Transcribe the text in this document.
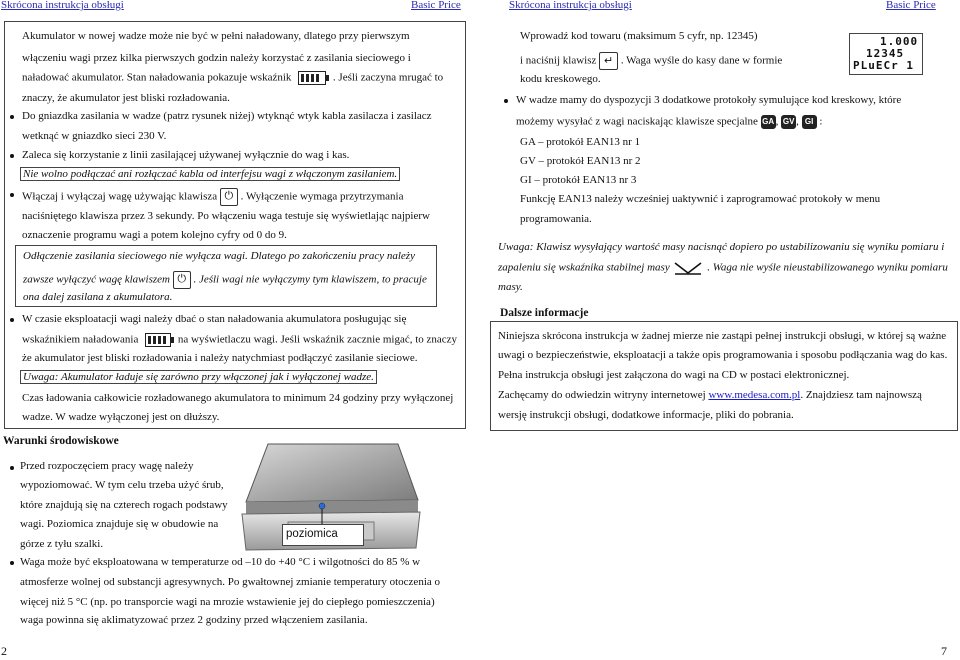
Skrócona instrukcja obsługi	Basic Price	Skrócona instrukcja obsługi	Basic Price
Akumulator w nowej wadze może nie być w pełni naładowany, dlatego przy pierwszym
włączeniu wagi przez kilka pierwszych godzin należy korzystać z zasilania sieciowego i
naładować akumulator. Stan naładowania pokazuje wskaźnik	. Jeśli zaczyna mrugać to
znaczy, że akumulator jest bliski rozładowania.
Do gniazdka zasilania w wadze (patrz rysunek niżej) wtyknąć wtyk kabla zasilacza i zasilacz
wetknąć w gniazdko sieci 230 V.
Zaleca się korzystanie z linii zasilającej używanej wyłącznie do wag i kas.
Nie wolno podłączać ani rozłączać kabla od interfejsu wagi z włączonym zasilaniem.
Włączaj i wyłączaj wagę używając klawisza ⏻ . Wyłączenie wymaga przytrzymania
naciśniętego klawisza przez 3 sekundy. Po włączeniu waga testuje się wyświetlając najpierw
oznaczenie programu wagi a potem kolejno cyfry od 0 do 9.
Odłączenie zasilania sieciowego nie wyłącza wagi. Dlatego po zakończeniu pracy należy
zawsze wyłączyć wagę klawiszem ⏻ . Jeśli wagi nie wyłączymy tym klawiszem, to pracuje
ona dalej zasilana z akumulatora.
W czasie eksploatacji wagi należy dbać o stan naładowania akumulatora posługując się
wskaźnikiem naładowania	na wyświetlaczu wagi. Jeśli wskaźnik zacznie migać, to znaczy
że akumulator jest bliski rozładowania i należy natychmiast podłączyć zasilanie sieciowe.
Uwaga: Akumulator ładuje się zarówno przy włączonej jak i wyłączonej wadze.
Czas ładowania całkowicie rozładowanego akumulatora to minimum 24 godziny przy wyłączonej
wadze. W wadze wyłączonej jest on dłuższy.
Warunki środowiskowe
Przed rozpoczęciem pracy wagę należy
wypoziomować. W tym celu trzeba użyć śrub,
które znajdują się na czterech rogach podstawy
wagi. Poziomica znajduje się w obudowie na
górze z tyłu szalki.
poziomica
Waga może być eksploatowana w temperaturze od –10 do +40 °C i wilgotności do 85 % w
atmosferze wolnej od substancji agresywnych. Po gwałtownej zmianie temperatury otoczenia o
więcej niż 5 °C (np. po transporcie wagi na mrozie wstawienie jej do ciepłego pomieszczenia)
waga powinna się aklimatyzować przez 2 godziny przed włączeniem zasilania.
Wprowadź kod towaru (maksimum 5 cyfr, np. 12345)
i naciśnij klawisz ↵ . Waga wyśle do kasy dane w formie
kodu kreskowego.
1.000
12345
PLuECr 1
W wadze mamy do dyspozycji 3 dodatkowe protokoły symulujące kod kreskowy, które
możemy wysyłać z wagi naciskając klawisze specjalne GA , GV , GI :
GA – protokół EAN13 nr 1
GV – protokół EAN13 nr 2
GI – protokół EAN13 nr 3
Funkcję EAN13 należy wcześniej uaktywnić i zaprogramować protokoły w menu
programowania.
Uwaga: Klawisz wysyłający wartość masy nacisnąć dopiero po ustabilizowaniu się wyniku pomiaru i
zapaleniu się wskaźnika stabilnej masy	. Waga nie wyśle nieustabilizowanego wyniku pomiaru
masy.
Dalsze informacje
Niniejsza skrócona instrukcja w żadnej mierze nie zastąpi pełnej instrukcji obsługi, w której są ważne
uwagi o bezpieczeństwie, eksploatacji a także opis programowania i sposobu podłączania wag do kas.
Pełna instrukcja obsługi jest załączona do wagi na CD w postaci elektronicznej.
Zachęcamy do odwiedzin witryny internetowej www.medesa.com.pl. Znajdziesz tam najnowszą
wersję instrukcji obsługi, dodatkowe informacje, pliki do pobrania.
2	7
